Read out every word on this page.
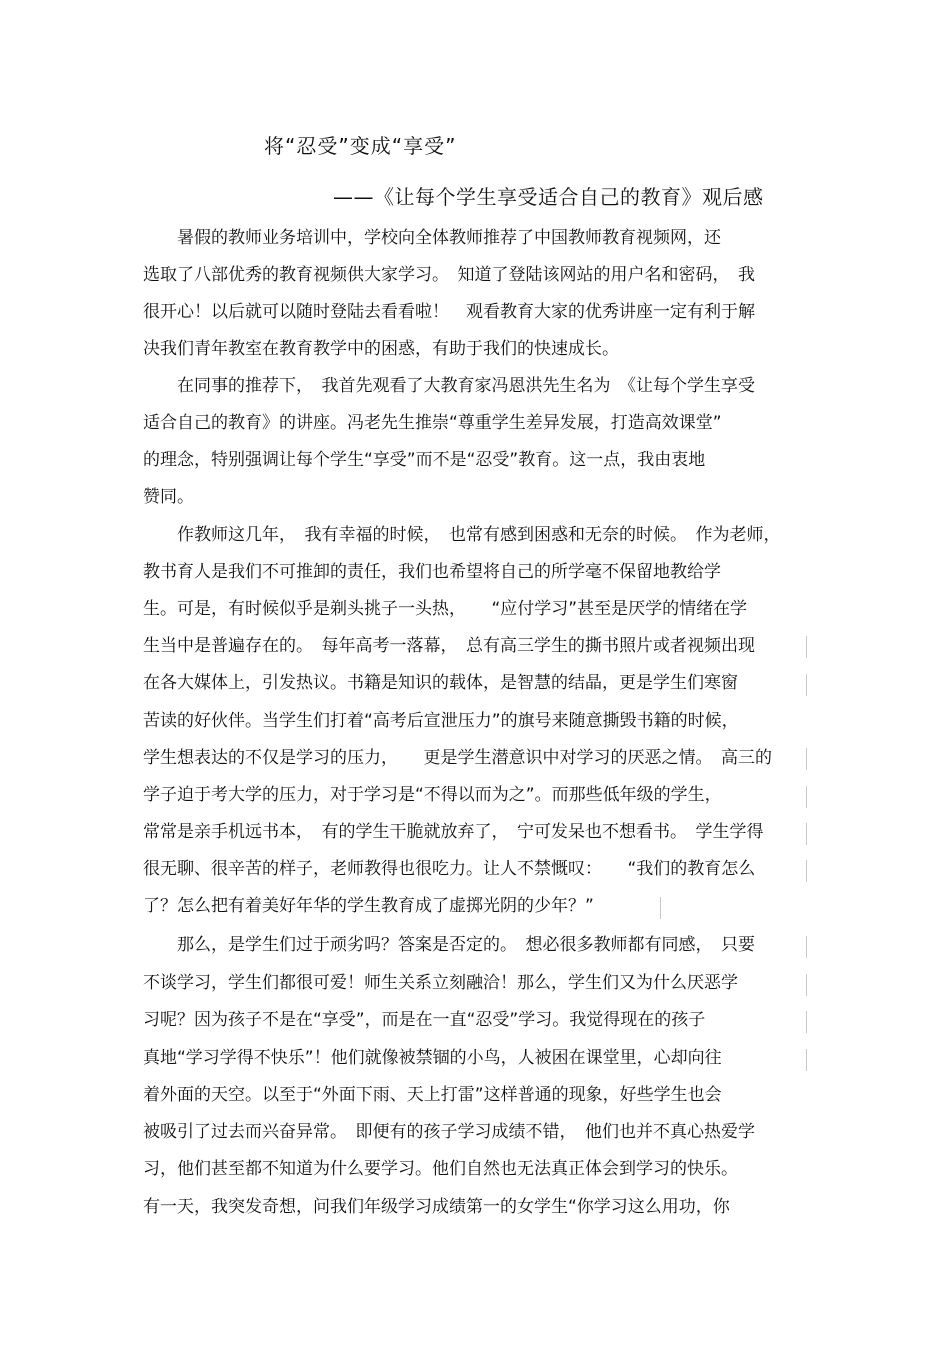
将“忍受”变成“享受”
——《让每个学生享受适合自己的教育》观后感
　　暑假的教师业务培训中，学校向全体教师推荐了中国教师教育视频网，还
选取了八部优秀的教育视频供大家学习。　知道了登陆该网站的用户名和密码，　我
很开心！以后就可以随时登陆去看看啦！　观看教育大家的优秀讲座一定有利于解
决我们青年教室在教育教学中的困惑，有助于我们的快速成长。
　　在同事的推荐下，　我首先观看了大教育家冯恩洪先生名为　《让每个学生享受
适合自己的教育》的讲座。冯老先生推崇“尊重学生差异发展，打造高效课堂”
的理念，特别强调让每个学生“享受”而不是“忍受”教育。这一点，我由衷地
赞同。
　　作教师这几年，　我有幸福的时候，　也常有感到困惑和无奈的时候。　作为老师，
教书育人是我们不可推卸的责任，我们也希望将自己的所学毫不保留地教给学
生。可是，有时候似乎是剃头挑子一头热，　　“应付学习”甚至是厌学的情绪在学
生当中是普遍存在的。　每年高考一落幕，　总有高三学生的撕书照片或者视频出现
在各大媒体上，引发热议。书籍是知识的载体，是智慧的结晶，更是学生们寒窗
苦读的好伙伴。当学生们打着“高考后宣泄压力”的旗号来随意撕毁书籍的时候，
学生想表达的不仅是学习的压力，　　更是学生潜意识中对学习的厌恶之情。　高三的
学子迫于考大学的压力，对于学习是“不得以而为之”。而那些低年级的学生，
常常是亲手机远书本，　有的学生干脆就放弃了，　宁可发呆也不想看书。　学生学得
很无聊、很辛苦的样子，老师教得也很吃力。让人不禁慨叹：　　“我们的教育怎么
了？怎么把有着美好年华的学生教育成了虚掷光阴的少年？”
　　那么，是学生们过于顽劣吗？答案是否定的。　想必很多教师都有同感，　只要
不谈学习，学生们都很可爱！师生关系立刻融洽！那么，学生们又为什么厌恶学
习呢？因为孩子不是在“享受”，而是在一直“忍受”学习。我觉得现在的孩子
真地“学习学得不快乐”！他们就像被禁锢的小鸟，人被困在课堂里，心却向往
着外面的天空。以至于“外面下雨、天上打雷”这样普通的现象，好些学生也会
被吸引了过去而兴奋异常。　即便有的孩子学习成绩不错，　他们也并不真心热爱学
习，他们甚至都不知道为什么要学习。他们自然也无法真正体会到学习的快乐。
有一天，我突发奇想，问我们年级学习成绩第一的女学生“你学习这么用功，你
